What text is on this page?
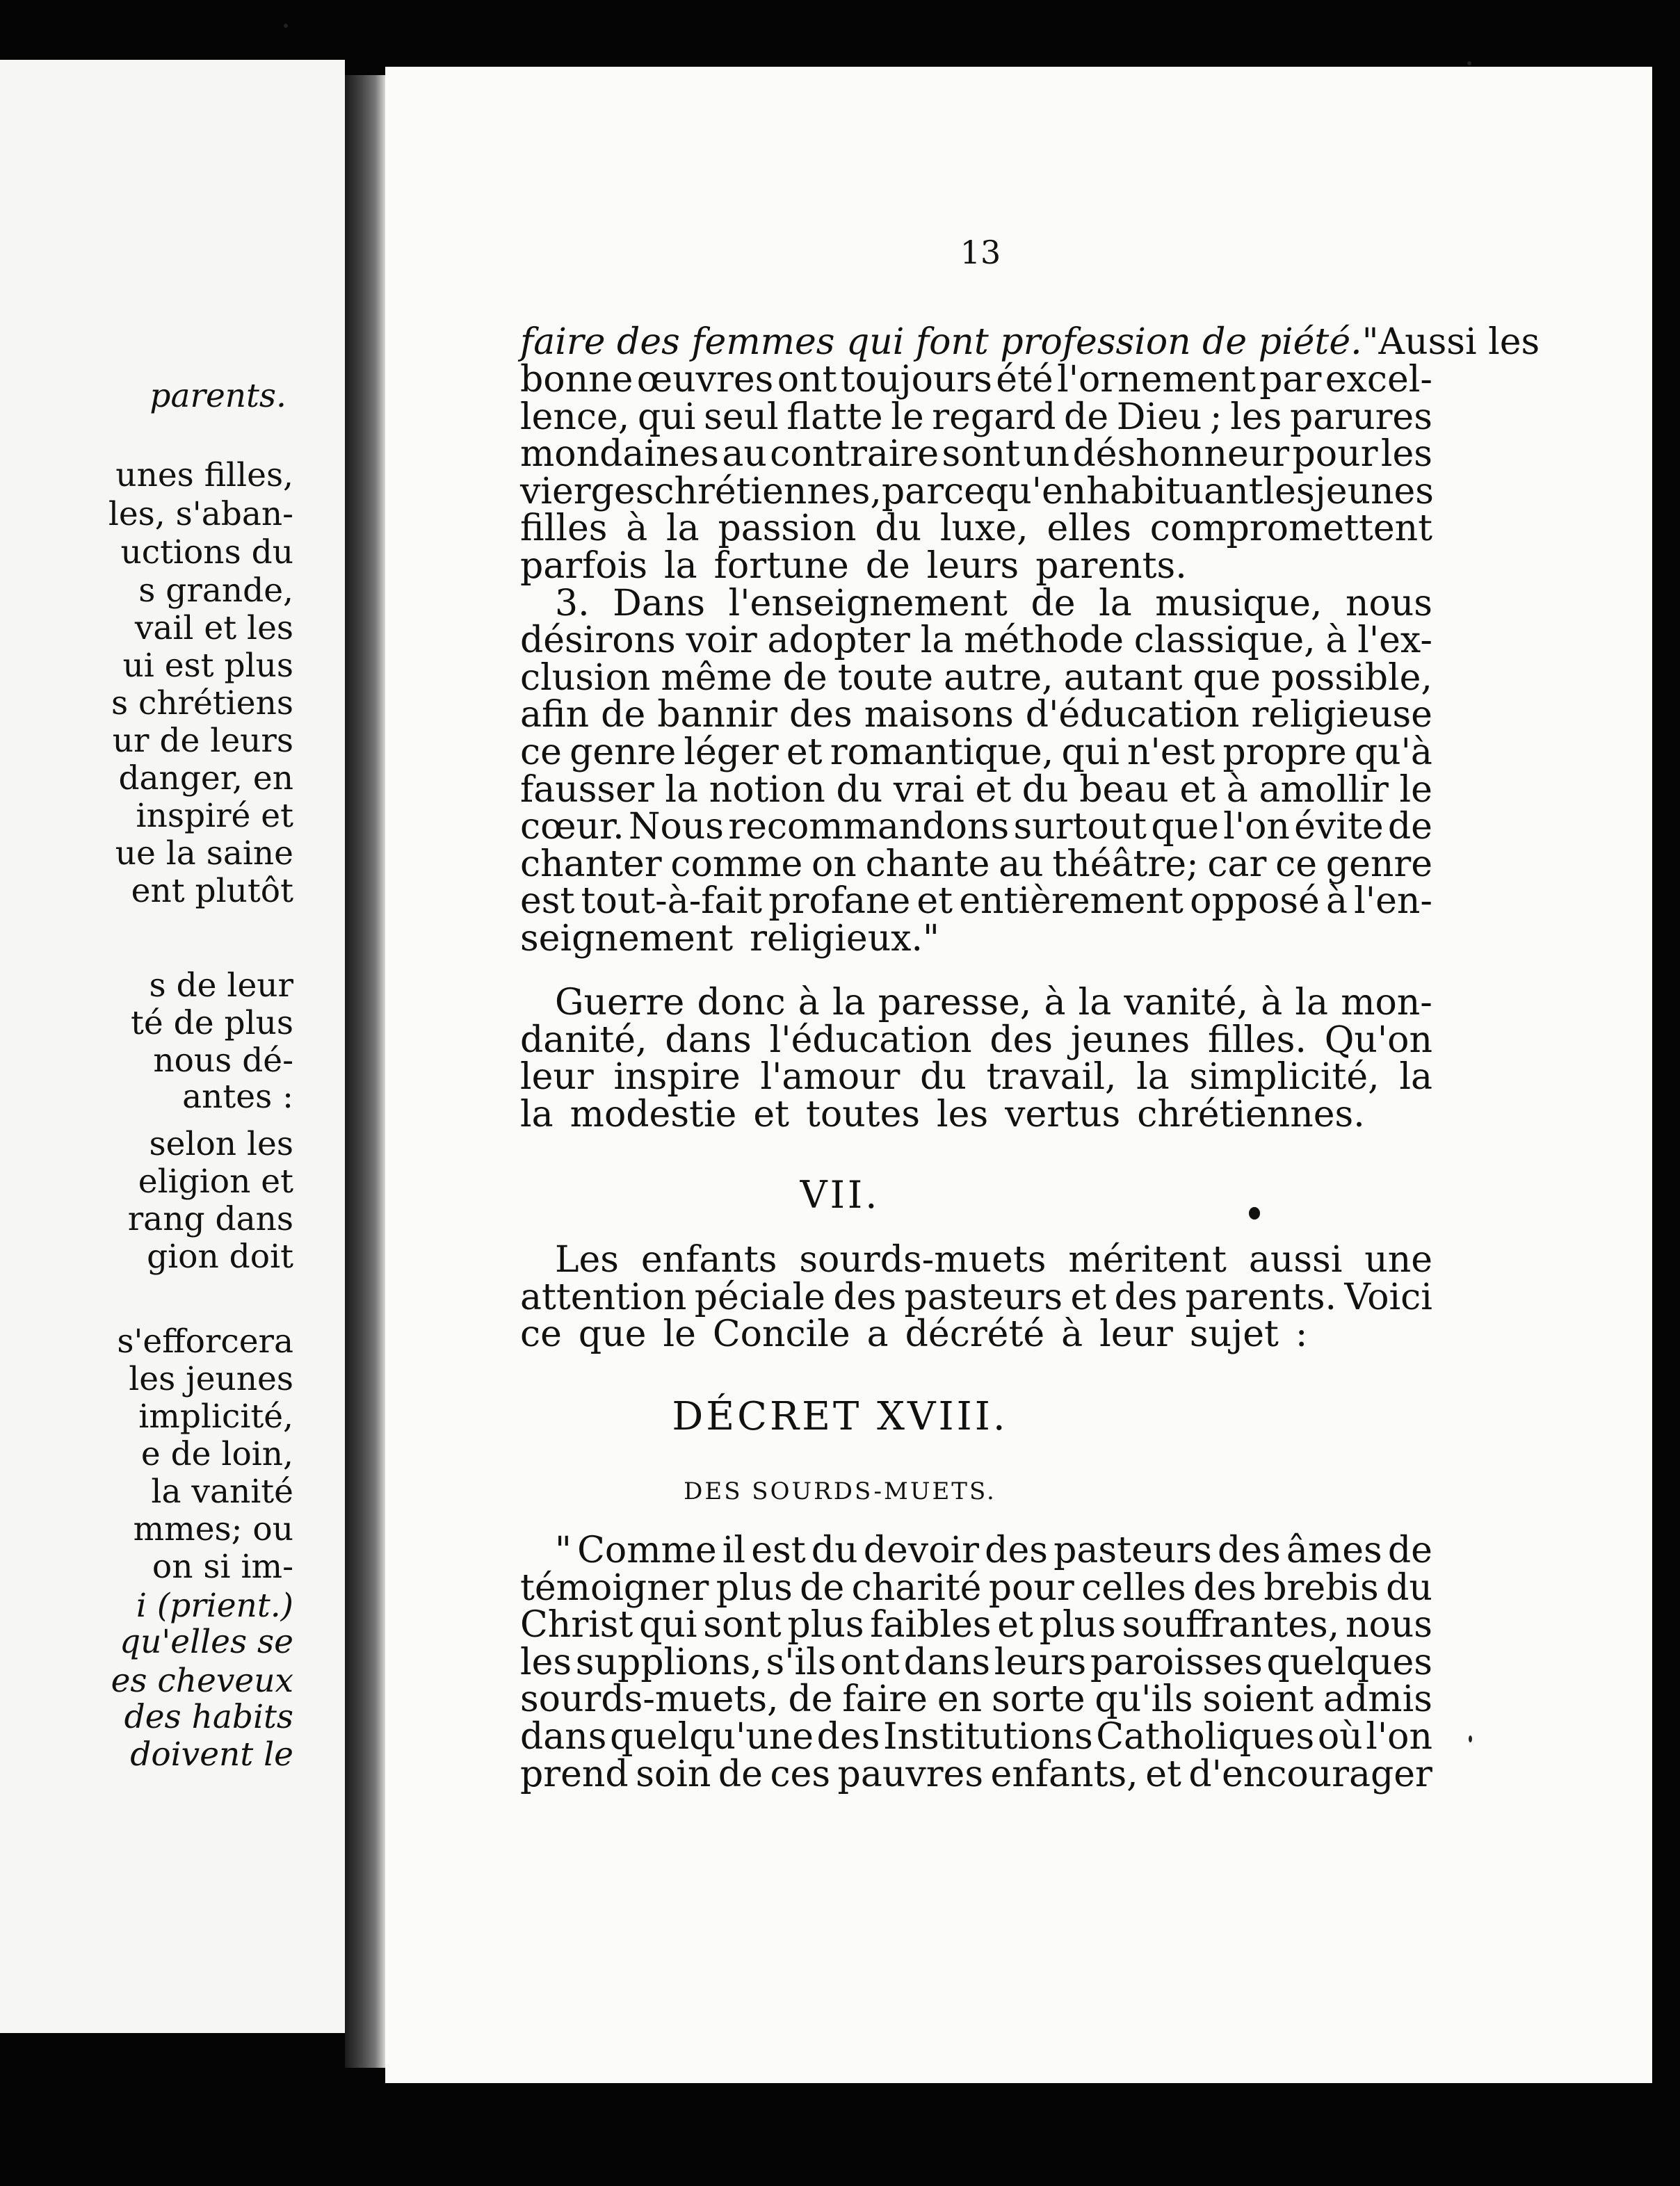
parents.
unes filles,
les, s'aban-
uctions du
s grande,
vail et les
ui est plus
s chrétiens
ur de leurs
danger, en
inspiré et
ue la saine
ent plutôt
s de leur
té de plus
nous dé-
antes :
selon les
eligion et
rang dans
gion doit
s'efforcera
les jeunes
implicité,
e de loin,
la vanité
mmes; ou
on si im-
i (prient.)
qu'elles se
es cheveux
des habits
doivent le
13
faire des femmes qui font profession de piété." Aussi les
bonne œuvres ont toujours été l'ornement par excel-
lence, qui seul flatte le regard de Dieu ; les parures
mondaines au contraire sont un déshonneur pour les
vierges chrétiennes, parcequ'en habituant les jeunes
filles à la passion du luxe, elles compromettent
parfois la fortune de leurs parents.
3. Dans l'enseignement de la musique, nous
désirons voir adopter la méthode classique, à l'ex-
clusion même de toute autre, autant que possible,
afin de bannir des maisons d'éducation religieuse
ce genre léger et romantique, qui n'est propre qu'à
fausser la notion du vrai et du beau et à amollir le
cœur. Nous recommandons surtout que l'on évite de
chanter comme on chante au théâtre; car ce genre
est tout-à-fait profane et entièrement opposé à l'en-
seignement religieux."
Guerre donc à la paresse, à la vanité, à la mon-
danité, dans l'éducation des jeunes filles. Qu'on
leur inspire l'amour du travail, la simplicité, la
la modestie et toutes les vertus chrétiennes.
Les enfants sourds-muets méritent aussi une
attention péciale des pasteurs et des parents. Voici
ce que le Concile a décrété à leur sujet :
" Comme il est du devoir des pasteurs des âmes de
témoigner plus de charité pour celles des brebis du
Christ qui sont plus faibles et plus souffrantes, nous
les supplions, s'ils ont dans leurs paroisses quelques
sourds-muets, de faire en sorte qu'ils soient admis
dans quelqu'une des Institutions Catholiques où l'on
prend soin de ces pauvres enfants, et d'encourager
VII.
DÉCRET XVIII.
DES SOURDS-MUETS.
